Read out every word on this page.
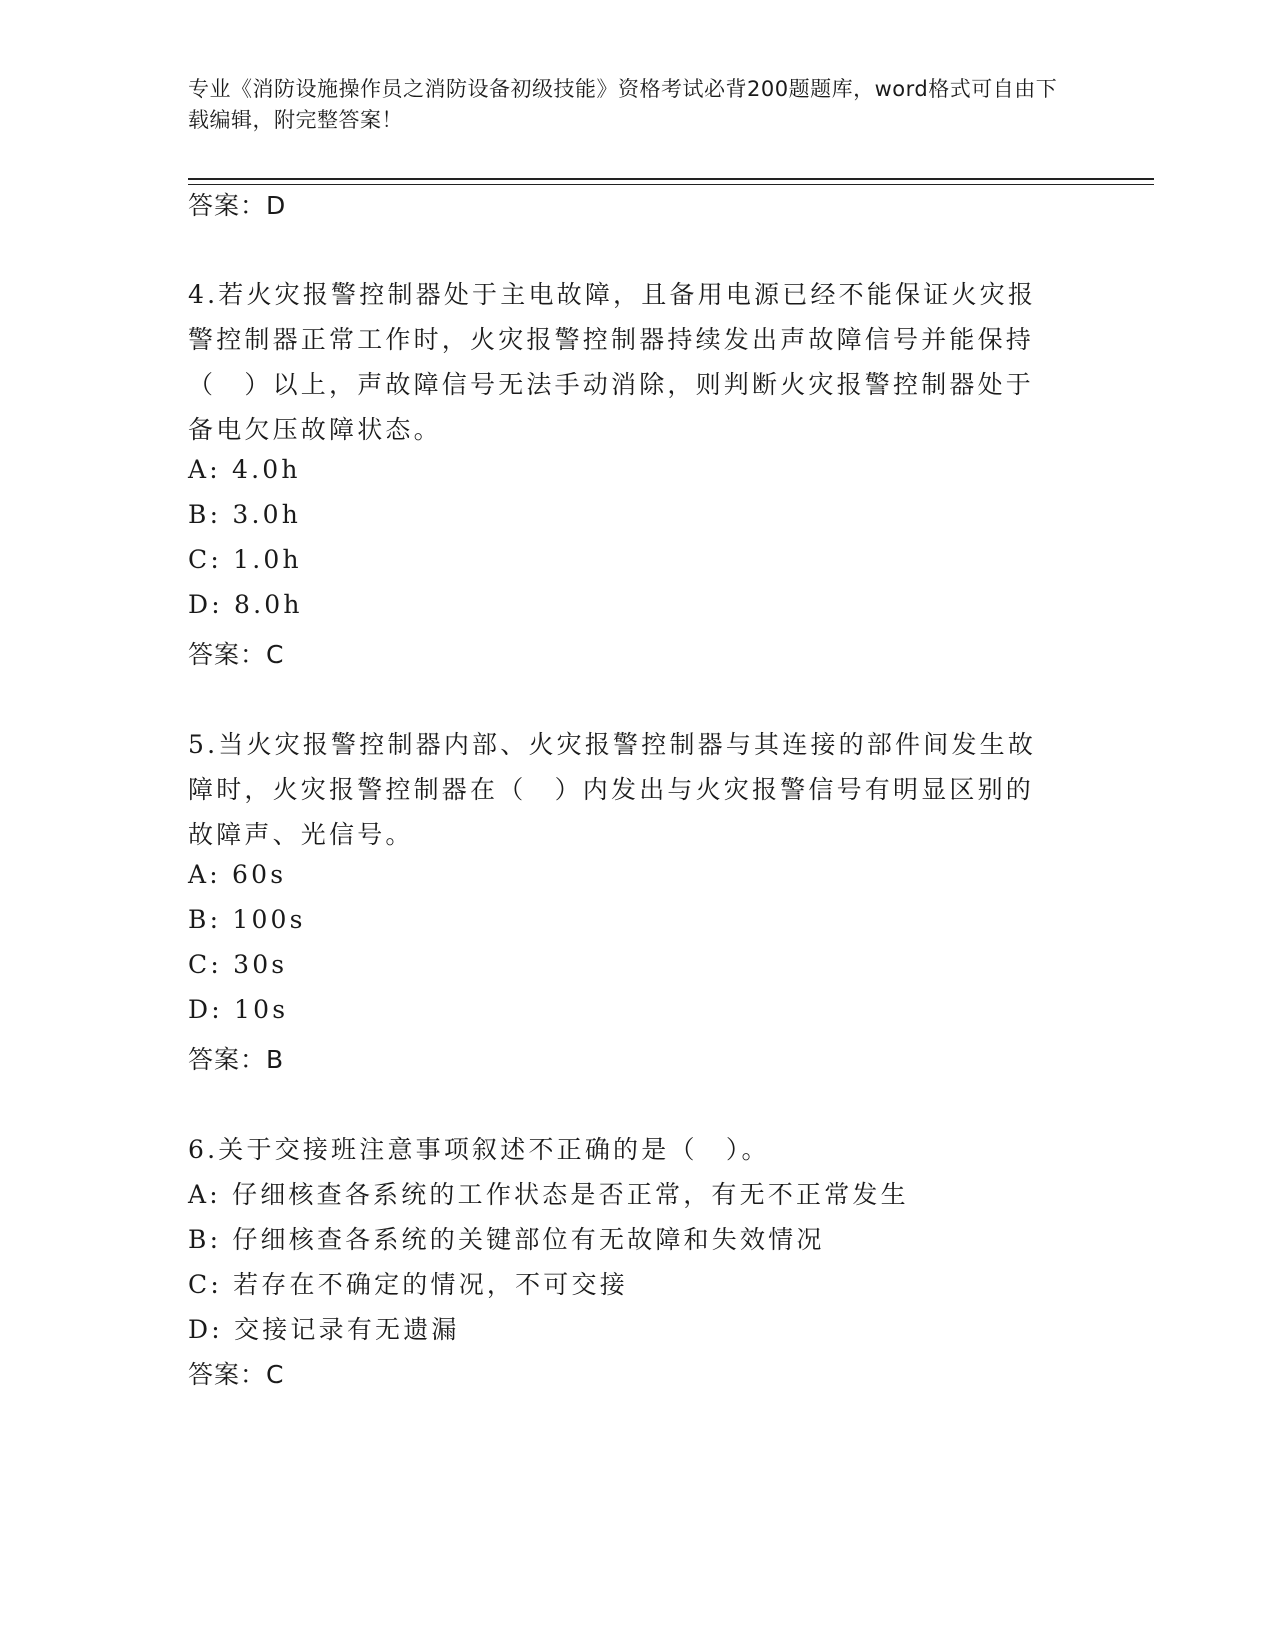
专业《消防设施操作员之消防设备初级技能》资格考试必背200题题库，word格式可自由下载编辑，附完整答案！
答案：D
4.若火灾报警控制器处于主电故障，且备用电源已经不能保证火灾报
警控制器正常工作时，火灾报警控制器持续发出声故障信号并能保持
（　）以上，声故障信号无法手动消除，则判断火灾报警控制器处于
备电欠压故障状态。
A: 4.0h
B: 3.0h
C: 1.0h
D: 8.0h
答案：C
5.当火灾报警控制器内部、火灾报警控制器与其连接的部件间发生故
障时，火灾报警控制器在（　）内发出与火灾报警信号有明显区别的
故障声、光信号。
A: 60s
B: 100s
C: 30s
D: 10s
答案：B
6.关于交接班注意事项叙述不正确的是（　）。
A: 仔细核查各系统的工作状态是否正常，有无不正常发生
B: 仔细核查各系统的关键部位有无故障和失效情况
C: 若存在不确定的情况，不可交接
D: 交接记录有无遗漏
答案：C
